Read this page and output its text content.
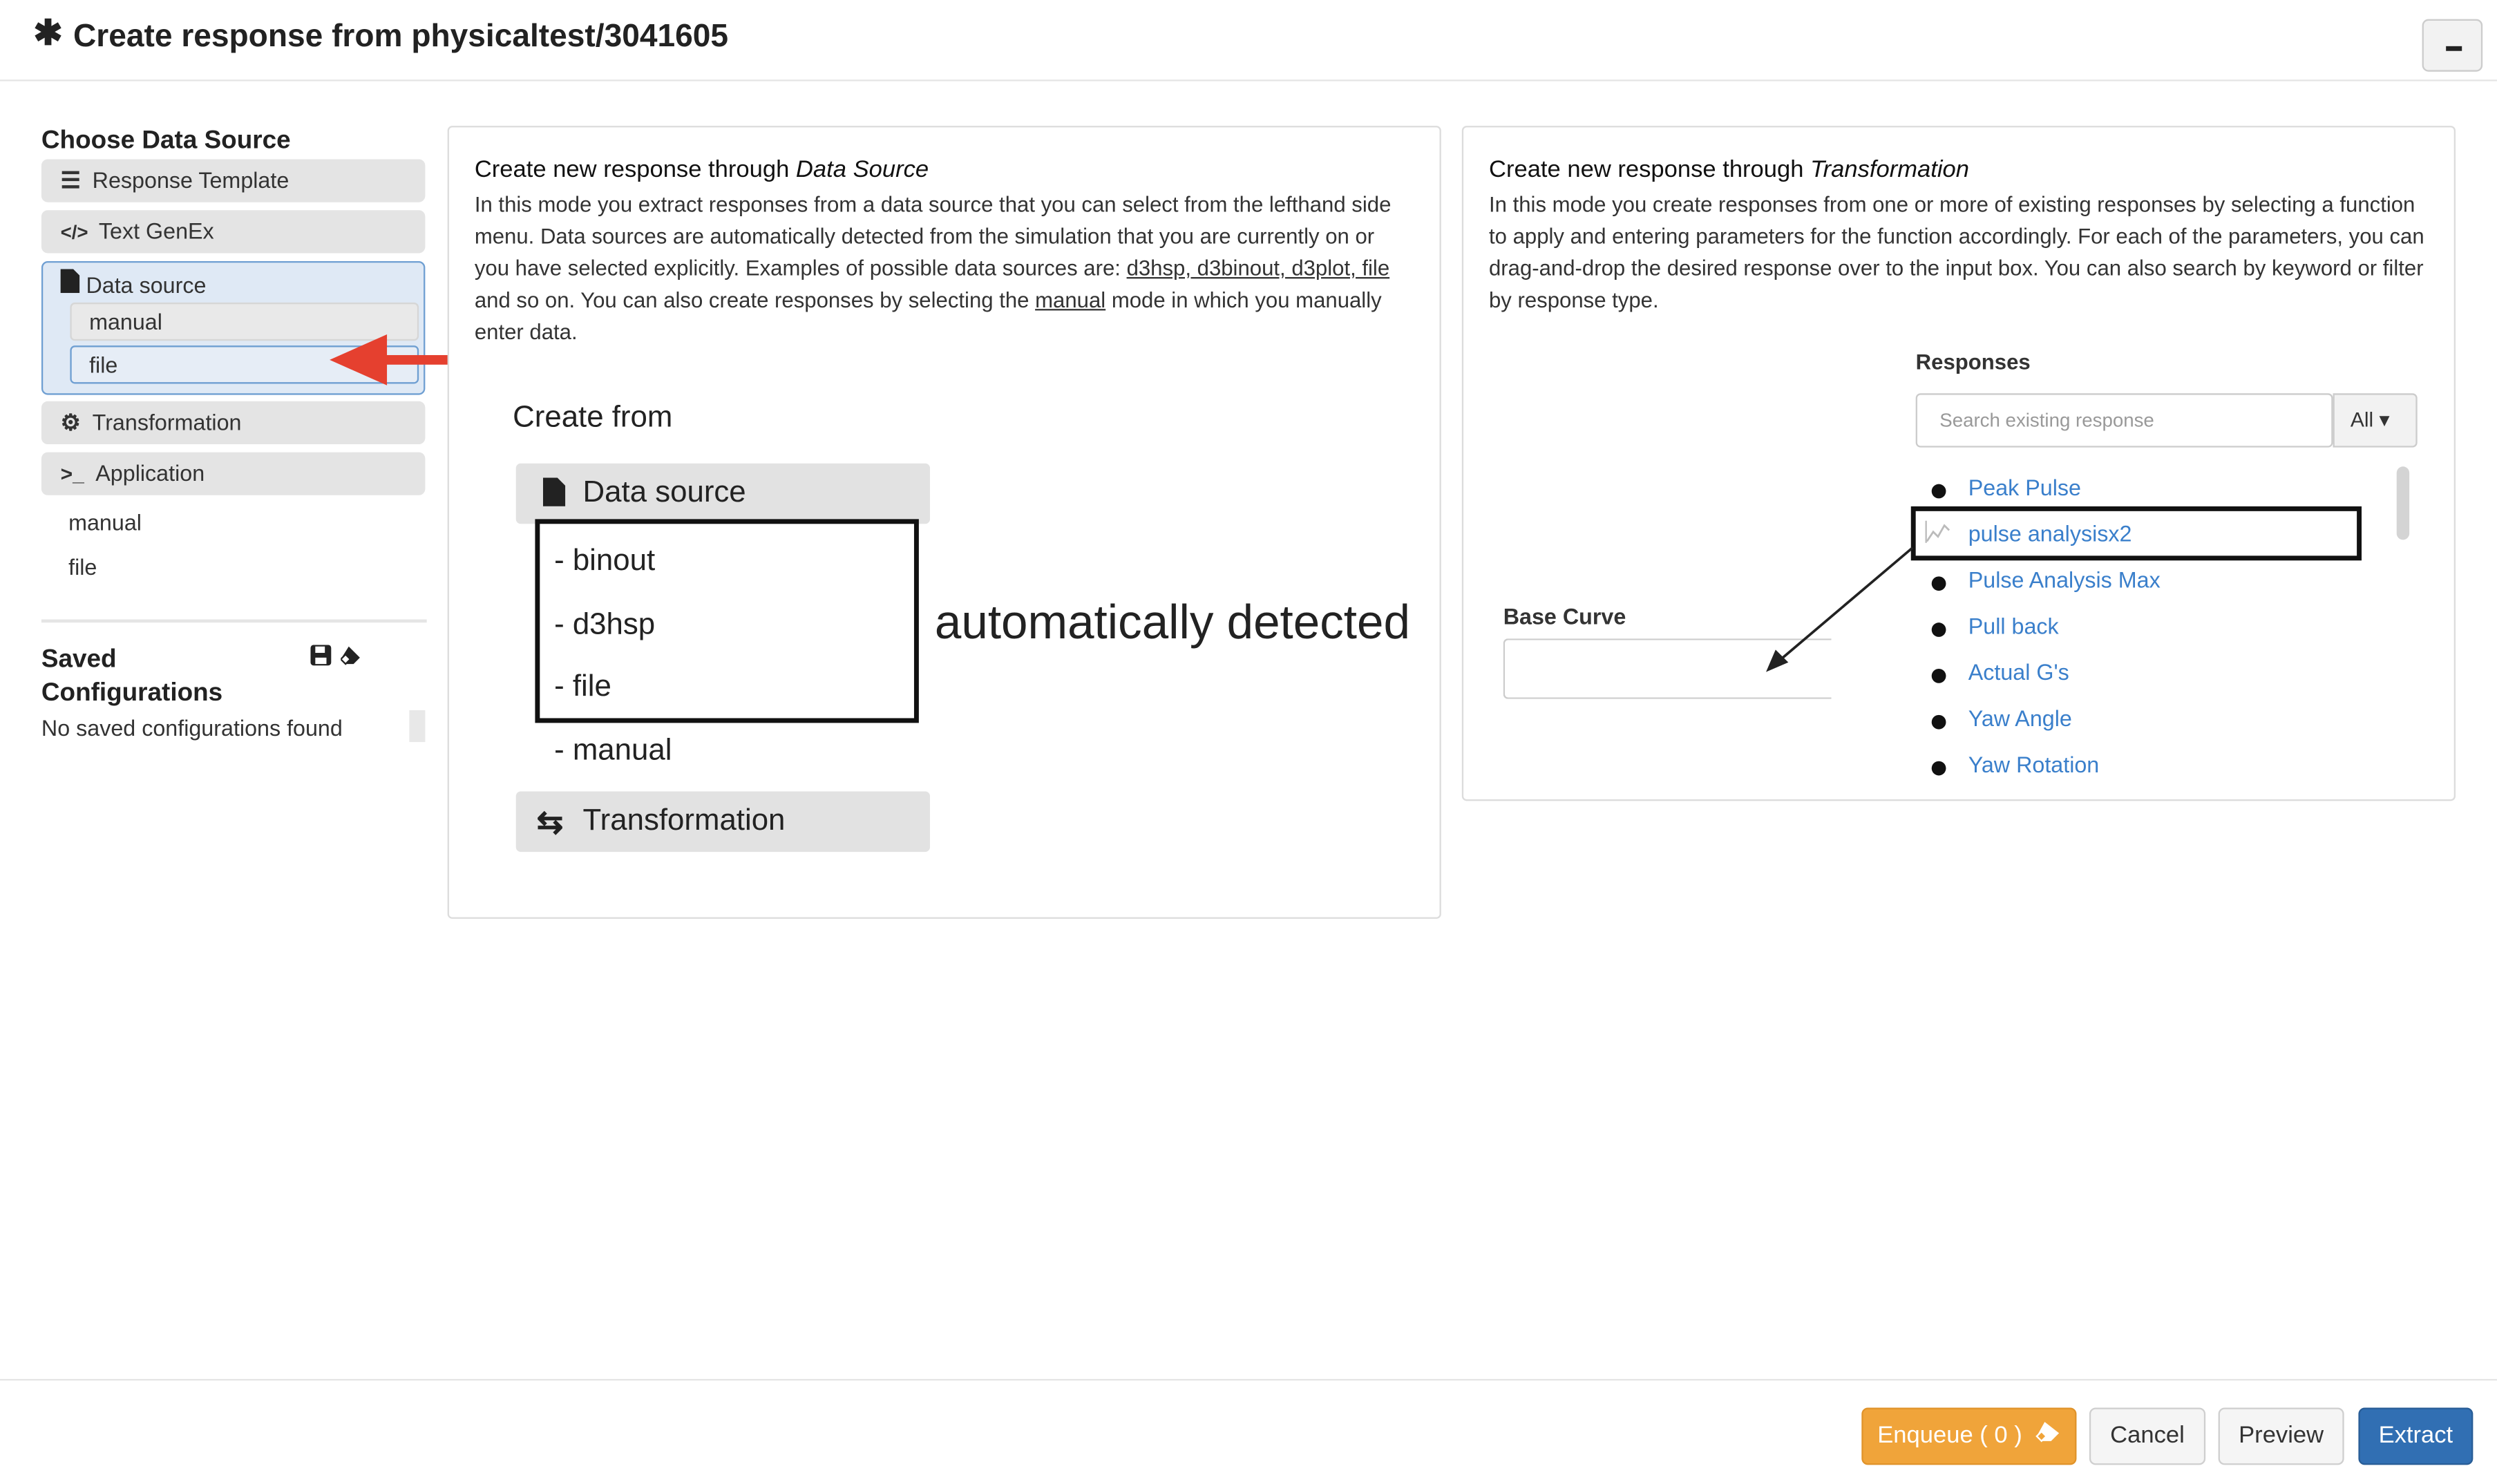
✱ Create response from physicaltest/3041605
Choose Data Source
☰ Response Template
</> Text GenEx
Data source
manual
file
⚙ Transformation
>_ Application
manual
file
Saved Configurations

No saved configurations found
Create new response through Data Source
In this mode you extract responses from a data source that you can select from the lefthand side menu. Data sources are automatically detected from the simulation that you are currently on or you have selected explicitly. Examples of possible data sources are: d3hsp, d3binout, d3plot, file and so on. You can also create responses by selecting the manual mode in which you manually enter data.
Create from
Data source
- binout
- d3hsp
- file
- manual
automatically detected
⇆ Transformation
Create new response through Transformation
In this mode you create responses from one or more of existing responses by selecting a function to apply and entering parameters for the function accordingly. For each of the parameters, you can drag-and-drop the desired response over to the input box. You can also search by keyword or filter by response type.
Responses
Search existing response	All ▾
Peak Pulse
pulse analysisx2
Pulse Analysis Max
Pull back
Actual G's
Yaw Angle
Yaw Rotation
Base Curve
Enqueue ( 0 )	Cancel	Preview	Extract
